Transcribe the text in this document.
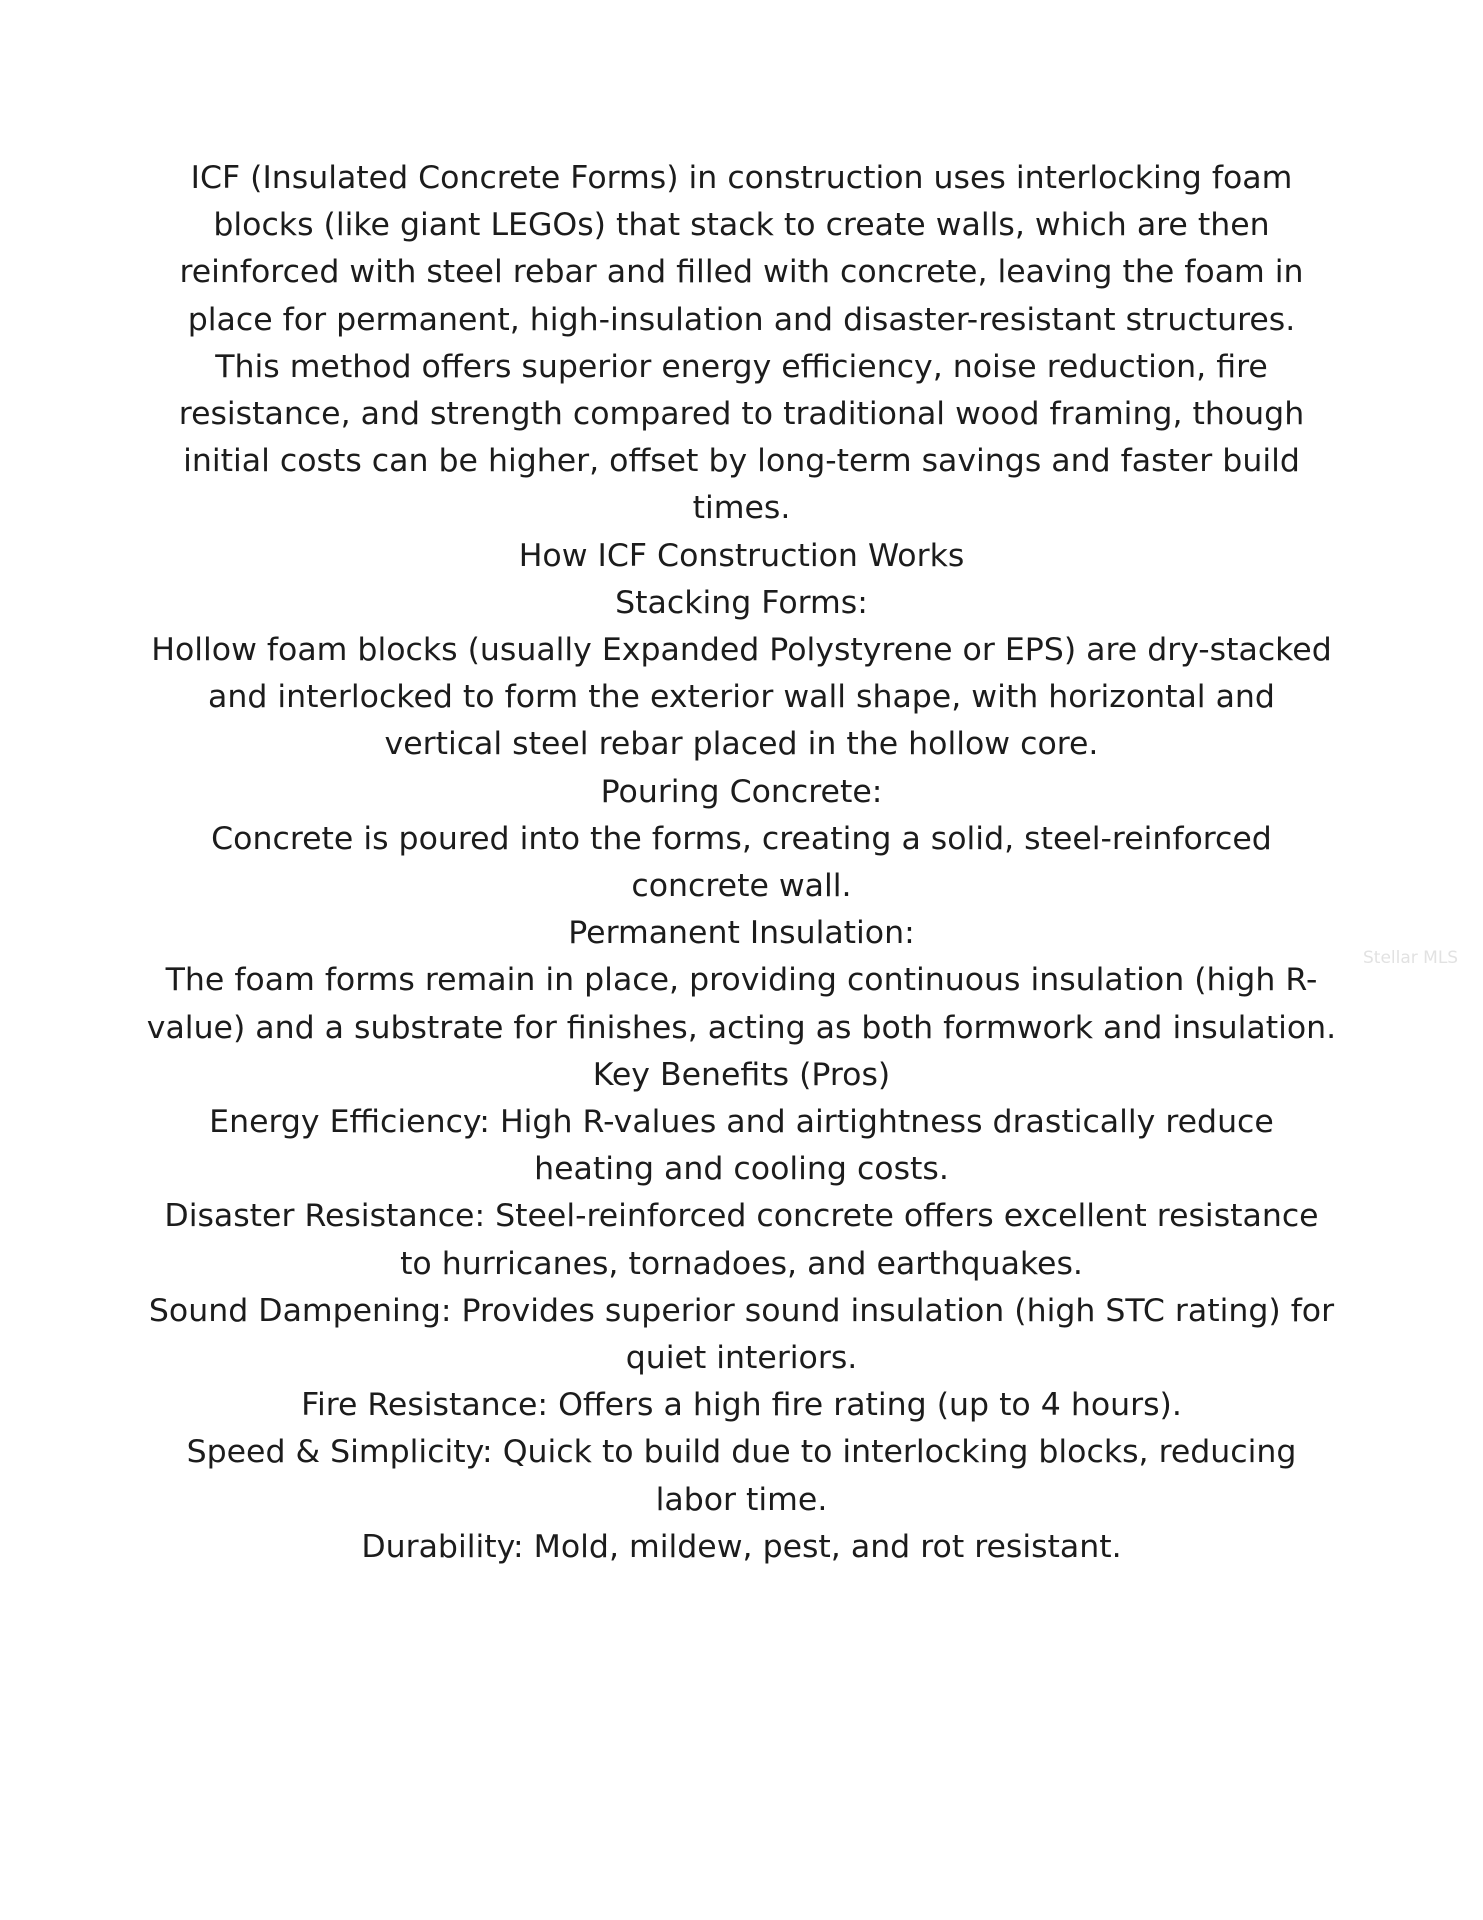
ICF (Insulated Concrete Forms) in construction uses interlocking foam
blocks (like giant LEGOs) that stack to create walls, which are then
reinforced with steel rebar and filled with concrete, leaving the foam in
place for permanent, high-insulation and disaster-resistant structures.
This method offers superior energy efficiency, noise reduction, fire
resistance, and strength compared to traditional wood framing, though
initial costs can be higher, offset by long-term savings and faster build
times.
How ICF Construction Works
Stacking Forms:
Hollow foam blocks (usually Expanded Polystyrene or EPS) are dry-stacked
and interlocked to form the exterior wall shape, with horizontal and
vertical steel rebar placed in the hollow core.
Pouring Concrete:
Concrete is poured into the forms, creating a solid, steel-reinforced
concrete wall.
Permanent Insulation:
The foam forms remain in place, providing continuous insulation (high R-
value) and a substrate for finishes, acting as both formwork and insulation.
Key Benefits (Pros)
Energy Efficiency: High R-values and airtightness drastically reduce
heating and cooling costs.
Disaster Resistance: Steel-reinforced concrete offers excellent resistance
to hurricanes, tornadoes, and earthquakes.
Sound Dampening: Provides superior sound insulation (high STC rating) for
quiet interiors.
Fire Resistance: Offers a high fire rating (up to 4 hours).
Speed & Simplicity: Quick to build due to interlocking blocks, reducing
labor time.
Durability: Mold, mildew, pest, and rot resistant.
Stellar MLS
